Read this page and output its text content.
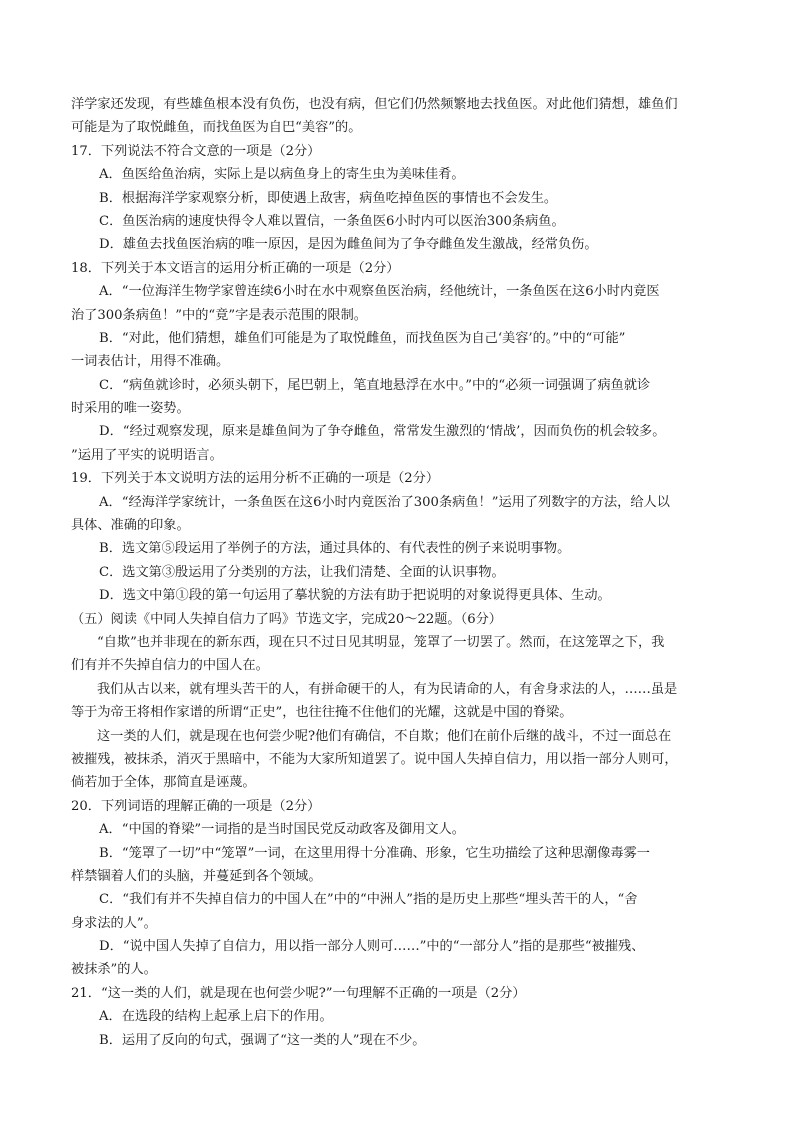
洋学家还发现，有些雄鱼根本没有负伤，也没有病，但它们仍然频繁地去找鱼医。对此他们猜想，雄鱼们
可能是为了取悦雌鱼，而找鱼医为自巴“美容”的。
17．下列说法不符合文意的一项是（2分）
A．鱼医给鱼治病，实际上是以病鱼身上的寄生虫为美味佳肴。
B．根据海洋学家观察分析，即使遇上敌害，病鱼吃掉鱼医的事情也不会发生。
C．鱼医治病的速度快得令人难以置信，一条鱼医6小时内可以医治300条病鱼。
D．雄鱼去找鱼医治病的唯一原因，是因为雌鱼间为了争夺雌鱼发生激战，经常负伤。
18．下列关于本文语言的运用分析正确的一项是（2分）
A．“一位海洋生物学家曾连续6小时在水中观察鱼医治病，经他统计，一条鱼医在这6小时内竟医
治了300条病鱼！”中的“竟”字是表示范围的限制。
B．“对此，他们猜想，雄鱼们可能是为了取悦雌鱼，而找鱼医为自己‘美容’的。”中的“可能”
一词表估计，用得不准确。
C．“病鱼就诊时，必须头朝下，尾巴朝上，笔直地悬浮在水中。”中的“必须一词强调了病鱼就诊
时采用的唯一姿势。
D．“经过观察发现，原来是雄鱼间为了争夺雌鱼，常常发生激烈的‘情战’，因而负伤的机会较多。
”运用了平实的说明语言。
19．下列关于本文说明方法的运用分析不正确的一项是（2分）
A．“经海洋学家统计，一条鱼医在这6小时内竟医治了300条病鱼！”运用了列数字的方法，给人以
具体、准确的印象。
B．选文第⑤段运用了举例子的方法，通过具体的、有代表性的例子来说明事物。
C．选文第③殷运用了分类别的方法，让我们清楚、全面的认识事物。
D．选文中第①段的第一句运用了摹状貌的方法有助于把说明的对象说得更具体、生动。
（五）阅读《中同人失掉自信力了吗》节选文字，完成20～22题。（6分）
“自欺”也并非现在的新东西，现在只不过日见其明显，笼罩了一切罢了。然而，在这笼罩之下，我
们有并不失掉自信力的中国人在。
我们从古以来，就有埋头苦干的人，有拼命硬干的人，有为民请命的人，有舍身求法的人，……虽是
等于为帝王将相作家谱的所谓“正史”，也往往掩不住他们的光耀，这就是中国的脊梁。
这一类的人们，就是现在也何尝少呢?他们有确信，不自欺；他们在前仆后继的战斗，不过一面总在
被摧残，被抹杀，消灭于黑暗中，不能为大家所知道罢了。说中国人失掉自信力，用以指一部分人则可，
倘若加于全体，那简直是诬蔑。
20．下列词语的理解正确的一项是（2分）
A．“中国的脊梁”一词指的是当时国民党反动政客及御用文人。
B．“笼罩了一切”中“笼罩”一词，在这里用得十分准确、形象，它生功描绘了这种思潮像毒雾一
样禁锢着人们的头脑，并蔓延到各个领域。
C．“我们有并不失掉自信力的中国人在”中的“中洲人”指的是历史上那些“埋头苦干的人，“舍
身求法的人”。
D．“说中国人失掉了自信力，用以指一部分人则可……”中的“一部分人”指的是那些“被摧残、
被抹杀”的人。
21．“这一类的人们，就是现在也何尝少呢?”一句理解不正确的一项是（2分）
A．在选段的结构上起承上启下的作用。
B．运用了反向的句式，强调了“这一类的人”现在不少。
